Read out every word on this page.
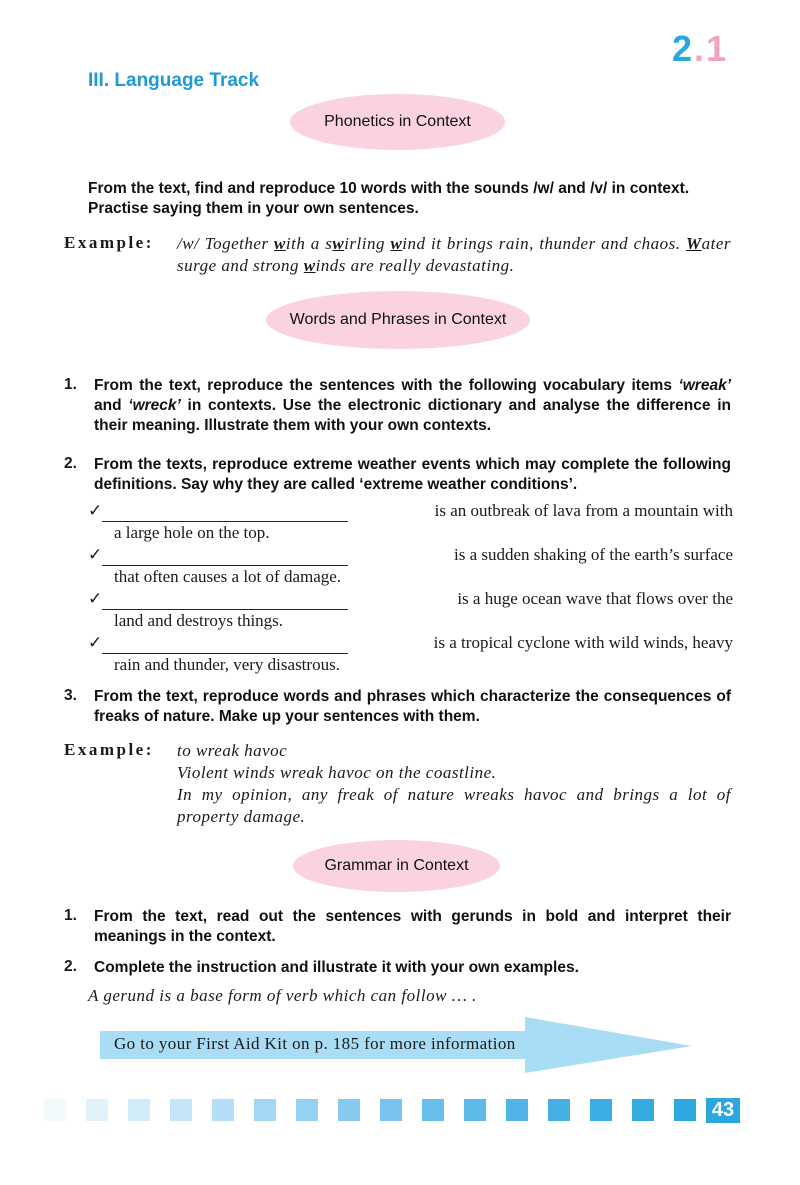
2.1
III. Language Track
Phonetics in Context
From the text, find and reproduce 10 words with the sounds /w/ and /v/ in context. Practise saying them in your own sentences.
Example: /w/ Together with a swirling wind it brings rain, thunder and chaos. Water surge and strong winds are really devastating.
Words and Phrases in Context
1. From the text, reproduce the sentences with the following vocabulary items ‘wreak’ and ‘wreck’ in contexts. Use the electronic dictionary and analyse the difference in their meaning. Illustrate them with your own contexts.
2. From the texts, reproduce extreme weather events which may complete the following definitions. Say why they are called ‘extreme weather conditions’.
✓	is an outbreak of lava from a mountain with
a large hole on the top.
✓	is a sudden shaking of the earth’s surface
that often causes a lot of damage.
✓	is a huge ocean wave that flows over the
land and destroys things.
✓	is a tropical cyclone with wild winds, heavy
rain and thunder, very disastrous.
3. From the text, reproduce words and phrases which characterize the consequences of freaks of nature. Make up your sentences with them.
Example: to wreak havoc
Violent winds wreak havoc on the coastline.
In my opinion, any freak of nature wreaks havoc and brings a lot of property damage.
Grammar in Context
1. From the text, read out the sentences with gerunds in bold and interpret their meanings in the context.
2. Complete the instruction and illustrate it with your own examples.
A gerund is a base form of verb which can follow … .
Go to your First Aid Kit on p. 185 for more information
43
